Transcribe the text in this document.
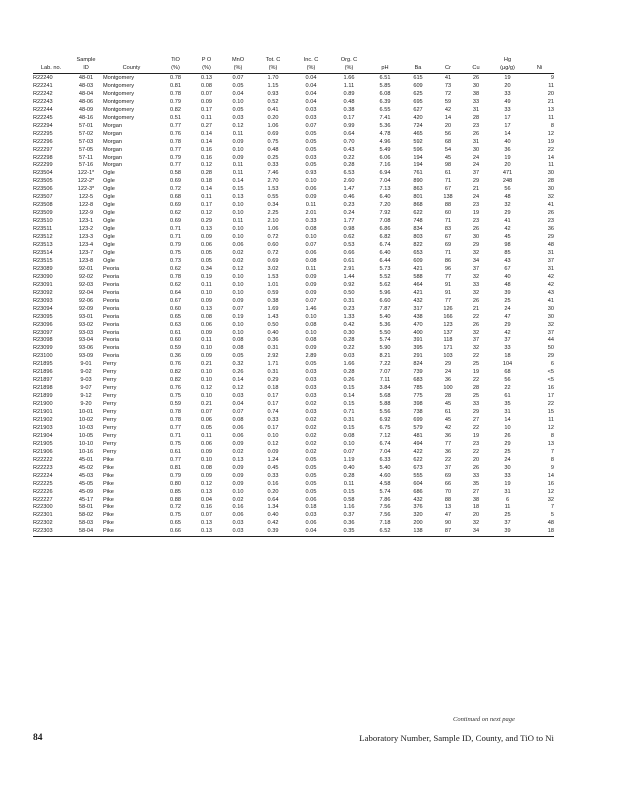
	Sample		TiO	P O	MnO	Tot. C	Inc. C	Org. C					Hg	
Lab. no.	ID	County	(%)	(%)	(%)	(%)	(%)	(%)	pH	Ba	Cr	Cu	(µg/g)	Ni
R22240	48-01	Montgomery	0.78	0.13	0.07	1.70	0.04	1.66	6.51	615	41	26	19	9
R22241	48-03	Montgomery	0.81	0.08	0.05	1.15	0.04	1.11	5.85	609	73	30	20	11
R22242	48-04	Montgomery	0.78	0.07	0.04	0.93	0.04	0.89	6.08	625	72	38	33	20
R22243	48-06	Montgomery	0.79	0.09	0.10	0.52	0.04	0.48	6.39	695	59	33	49	21
R22244	48-09	Montgomery	0.82	0.17	0.05	0.41	0.03	0.38	6.55	627	42	31	33	13
R22245	48-16	Montgomery	0.51	0.11	0.03	0.20	0.03	0.17	7.41	420	14	28	17	11
R22294	57-01	Morgan	0.77	0.27	0.12	1.06	0.07	0.99	5.36	724	20	23	17	8
R22295	57-02	Morgan	0.76	0.14	0.11	0.69	0.05	0.64	4.78	465	56	26	14	12
R22296	57-03	Morgan	0.78	0.14	0.09	0.75	0.05	0.70	4.96	592	68	31	40	19
R22297	57-05	Morgan	0.77	0.16	0.10	0.48	0.05	0.43	5.49	596	54	30	36	22
R22298	57-11	Morgan	0.79	0.16	0.09	0.25	0.03	0.22	6.06	194	45	24	19	14
R22299	57-16	Morgan	0.77	0.12	0.11	0.33	0.05	0.28	7.16	194	98	24	20	11
R23504	122-1*	Ogle	0.58	0.28	0.11	7.46	0.93	6.53	6.94	761	61	37	471	30
R23505	122-2*	Ogle	0.69	0.18	0.14	2.70	0.10	2.60	7.04	890	71	29	248	28
R23506	122-3*	Ogle	0.72	0.14	0.15	1.53	0.06	1.47	7.13	863	67	21	56	30
R23507	122-5	Ogle	0.68	0.11	0.13	0.55	0.09	0.46	6.40	801	138	24	48	32
R23508	122-8	Ogle	0.69	0.17	0.10	0.34	0.11	0.23	7.20	868	88	23	32	41
R23509	122-9	Ogle	0.62	0.12	0.10	2.25	2.01	0.24	7.92	622	60	19	29	26
R23510	123-1	Ogle	0.69	0.29	0.11	2.10	0.33	1.77	7.08	748	71	23	41	23
R23511	123-2	Ogle	0.71	0.13	0.10	1.06	0.08	0.98	6.86	834	83	26	42	36
R23512	123-3	Ogle	0.71	0.09	0.10	0.72	0.10	0.62	6.82	803	67	30	45	29
R23513	123-4	Ogle	0.79	0.06	0.06	0.60	0.07	0.53	6.74	822	69	29	98	48
R23514	123-7	Ogle	0.75	0.05	0.02	0.72	0.06	0.66	6.40	653	71	32	85	31
R23515	123-8	Ogle	0.73	0.05	0.02	0.69	0.08	0.61	6.44	609	86	34	43	37
R23089	92-01	Peoria	0.62	0.34	0.12	3.02	0.11	2.91	5.73	421	96	37	67	31
R23090	92-02	Peoria	0.78	0.19	0.10	1.53	0.09	1.44	5.52	588	77	32	40	42
R23091	92-03	Peoria	0.62	0.11	0.10	1.01	0.09	0.92	5.62	464	91	33	48	42
R23092	92-04	Peoria	0.64	0.10	0.10	0.59	0.09	0.50	5.96	421	91	32	39	43
R23093	92-06	Peoria	0.67	0.09	0.09	0.38	0.07	0.31	6.60	432	77	26	25	41
R23094	92-09	Peoria	0.60	0.13	0.07	1.69	1.46	0.23	7.87	317	126	21	24	30
R23095	93-01	Peoria	0.65	0.08	0.19	1.43	0.10	1.33	5.40	438	166	22	47	30
R23096	93-02	Peoria	0.63	0.06	0.10	0.50	0.08	0.42	5.36	470	123	26	29	32
R23097	93-03	Peoria	0.61	0.09	0.10	0.40	0.10	0.30	5.50	400	137	32	42	37
R23098	93-04	Peoria	0.60	0.11	0.08	0.36	0.08	0.28	5.74	391	118	37	37	44
R23099	93-06	Peoria	0.59	0.10	0.08	0.31	0.09	0.22	5.90	395	171	32	33	50
R23100	93-09	Peoria	0.36	0.09	0.05	2.92	2.89	0.03	8.21	291	103	22	18	29
R21895	9-01	Perry	0.76	0.21	0.32	1.71	0.05	1.66	7.22	824	29	25	104	6
R21896	9-02	Perry	0.82	0.10	0.26	0.31	0.03	0.28	7.07	739	24	19	68	<5
R21897	9-03	Perry	0.82	0.10	0.14	0.29	0.03	0.26	7.11	683	36	22	56	<5
R21898	9-07	Perry	0.76	0.12	0.12	0.18	0.03	0.15	3.84	785	100	28	22	16
R21899	9-12	Perry	0.75	0.10	0.03	0.17	0.03	0.14	5.68	775	28	25	61	17
R21900	9-20	Perry	0.59	0.21	0.04	0.17	0.02	0.15	5.88	398	45	33	35	22
R21901	10-01	Perry	0.78	0.07	0.07	0.74	0.03	0.71	5.56	738	61	29	31	15
R21902	10-02	Perry	0.78	0.06	0.08	0.33	0.02	0.31	6.92	699	45	27	14	11
R21903	10-03	Perry	0.77	0.05	0.06	0.17	0.02	0.15	6.75	579	42	22	10	12
R21904	10-05	Perry	0.71	0.11	0.06	0.10	0.02	0.08	7.12	481	36	19	26	8
R21905	10-10	Perry	0.75	0.06	0.09	0.12	0.02	0.10	6.74	494	77	23	29	13
R21906	10-16	Perry	0.61	0.09	0.02	0.09	0.02	0.07	7.04	422	36	22	25	7
R22222	45-01	Pike	0.77	0.10	0.13	1.24	0.05	1.19	6.33	622	22	20	24	8
R22223	45-02	Pike	0.81	0.08	0.09	0.45	0.05	0.40	5.40	673	37	26	30	9
R22224	45-03	Pike	0.79	0.09	0.09	0.33	0.05	0.28	4.60	555	69	33	33	14
R22225	45-05	Pike	0.80	0.12	0.09	0.16	0.05	0.11	4.58	604	66	35	19	16
R22226	45-09	Pike	0.85	0.13	0.10	0.20	0.05	0.15	5.74	686	70	27	31	12
R22227	45-17	Pike	0.88	0.04	0.02	0.64	0.06	0.58	7.86	432	88	38	6	32
R22300	58-01	Pike	0.72	0.16	0.16	1.34	0.18	1.16	7.56	376	13	18	11	7
R22301	58-02	Pike	0.75	0.07	0.06	0.40	0.03	0.37	7.56	320	47	20	25	5
R22302	58-03	Pike	0.65	0.13	0.03	0.42	0.06	0.36	7.18	200	90	32	37	48
R22303	58-04	Pike	0.66	0.13	0.03	0.39	0.04	0.35	6.52	138	87	34	39	18
Continued on next page
84	Laboratory Number, Sample ID, County, and TiO to Ni
